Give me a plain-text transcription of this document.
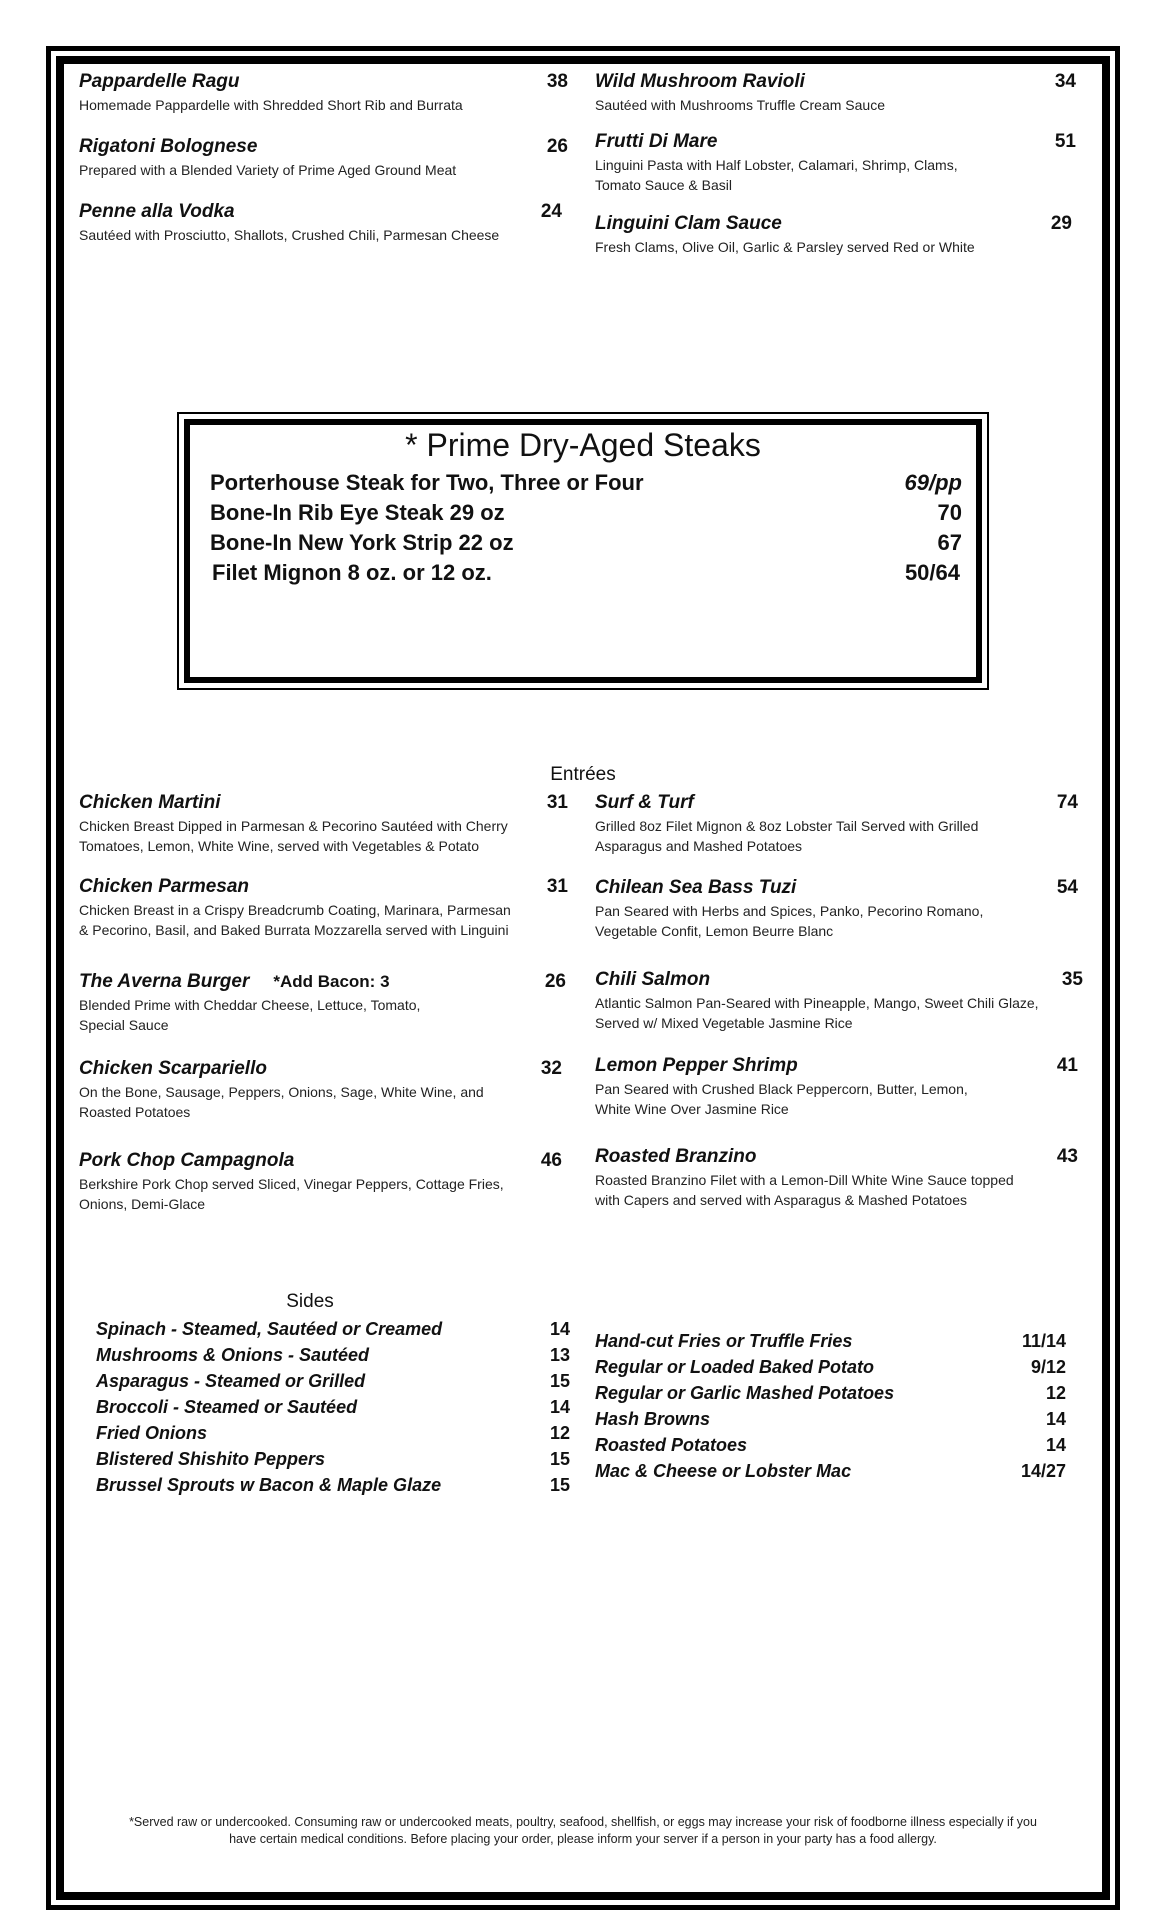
Pappardelle Ragu	38
Homemade Pappardelle with Shredded Short Rib and Burrata
Rigatoni Bolognese	26
Prepared with a Blended Variety of Prime Aged Ground Meat
Penne alla Vodka	24
Sautéed with Prosciutto, Shallots, Crushed Chili, Parmesan Cheese
Wild Mushroom Ravioli	34
Sautéed with Mushrooms Truffle Cream Sauce
Frutti Di Mare	51
Linguini Pasta with Half Lobster, Calamari, Shrimp, Clams,
Tomato Sauce & Basil
Linguini Clam Sauce	29
Fresh Clams, Olive Oil, Garlic & Parsley served Red or White
* Prime Dry-Aged Steaks
Porterhouse Steak for Two, Three or Four	69/pp
Bone-In Rib Eye Steak 29 oz	70
Bone-In New York Strip 22 oz	67
Filet Mignon 8 oz. or 12 oz.	50/64
Entrées
Chicken Martini	31
Chicken Breast Dipped in Parmesan & Pecorino Sautéed with Cherry
Tomatoes, Lemon, White Wine, served with Vegetables & Potato
Chicken Parmesan	31
Chicken Breast in a Crispy Breadcrumb Coating, Marinara, Parmesan
& Pecorino, Basil, and Baked Burrata Mozzarella served with Linguini
The Averna Burger *Add Bacon: 3	26
Blended Prime with Cheddar Cheese, Lettuce, Tomato,
Special Sauce
Chicken Scarpariello	32
On the Bone, Sausage, Peppers, Onions, Sage, White Wine, and
Roasted Potatoes
Pork Chop Campagnola	46
Berkshire Pork Chop served Sliced, Vinegar Peppers, Cottage Fries,
Onions, Demi-Glace
Surf & Turf	74
Grilled 8oz Filet Mignon & 8oz Lobster Tail Served with Grilled
Asparagus and Mashed Potatoes
Chilean Sea Bass Tuzi	54
Pan Seared with Herbs and Spices, Panko, Pecorino Romano,
Vegetable Confit, Lemon Beurre Blanc
Chili Salmon	35
Atlantic Salmon Pan-Seared with Pineapple, Mango, Sweet Chili Glaze,
Served w/ Mixed Vegetable Jasmine Rice
Lemon Pepper Shrimp	41
Pan Seared with Crushed Black Peppercorn, Butter, Lemon,
White Wine Over Jasmine Rice
Roasted Branzino	43
Roasted Branzino Filet with a Lemon-Dill White Wine Sauce topped
with Capers and served with Asparagus & Mashed Potatoes
Sides
Spinach - Steamed, Sautéed or Creamed	14
Mushrooms & Onions - Sautéed	13
Asparagus - Steamed or Grilled	15
Broccoli - Steamed or Sautéed	14
Fried Onions	12
Blistered Shishito Peppers	15
Brussel Sprouts w Bacon & Maple Glaze	15
Hand-cut Fries or Truffle Fries	11/14
Regular or Loaded Baked Potato	9/12
Regular or Garlic Mashed Potatoes	12
Hash Browns	14
Roasted Potatoes	14
Mac & Cheese or Lobster Mac	14/27
*Served raw or undercooked. Consuming raw or undercooked meats, poultry, seafood, shellfish, or eggs may increase your risk of foodborne illness especially if you
have certain medical conditions. Before placing your order, please inform your server if a person in your party has a food allergy.
